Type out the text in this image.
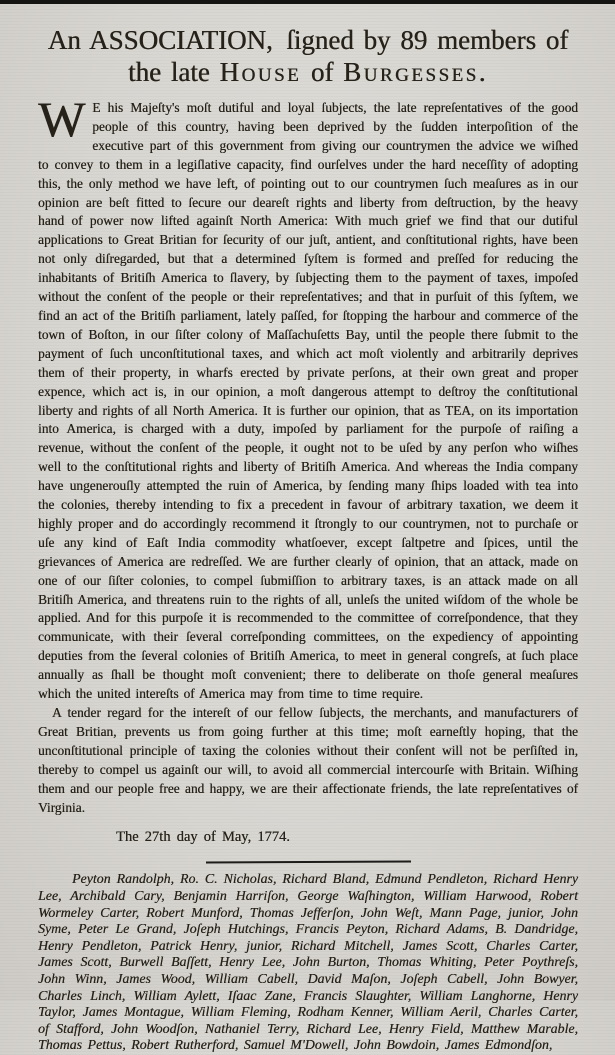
An ASSOCIATION, ſigned by 89 members of
the late House of Burgesses.

W E his Majeſty's moſt dutiful and loyal ſubjects, the late repreſentatives of the good people of this country, having been deprived by the ſudden interpoſition of the executive part of this government from giving our countrymen the advice we wiſhed to convey to them in a legiſlative capacity, find ourſelves under the hard neceſſity of adopting this, the only method we have left, of pointing out to our countrymen ſuch meaſures as in our opinion are beſt fitted to ſecure our deareſt rights and liberty from deſtruction, by the heavy hand of power now lifted againſt North America: With much grief we find that our dutiful applications to Great Britian for ſecurity of our juſt, antient, and conſtitutional rights, have been not only diſregarded, but that a determined ſyſtem is formed and preſſed for reducing the inhabitants of Britiſh America to ſlavery, by ſubjecting them to the payment of taxes, impoſed without the conſent of the people or their repreſentatives; and that in purſuit of this ſyſtem, we find an act of the Britiſh parliament, lately paſſed, for ſtopping the harbour and commerce of the town of Boſton, in our ſiſter colony of Maſſachuſetts Bay, until the people there ſubmit to the payment of ſuch unconſtitutional taxes, and which act moſt violently and arbitrarily deprives them of their property, in wharfs erected by private perſons, at their own great and proper expence, which act is, in our opinion, a moſt dangerous attempt to deſtroy the conſtitutional liberty and rights of all North America. It is further our opinion, that as TEA, on its importation into America, is charged with a duty, impoſed by parliament for the purpoſe of raiſing a revenue, without the conſent of the people, it ought not to be uſed by any perſon who wiſhes well to the conſtitutional rights and liberty of Britiſh America. And whereas the India company have ungenerouſly attempted the ruin of America, by ſending many ſhips loaded with tea into the colonies, thereby intending to fix a precedent in favour of arbitrary taxation, we deem it highly proper and do accordingly recommend it ſtrongly to our countrymen, not to purchaſe or uſe any kind of Eaſt India commodity whatſoever, except ſaltpetre and ſpices, until the grievances of America are redreſſed. We are further clearly of opinion, that an attack, made on one of our ſiſter colonies, to compel ſubmiſſion to arbitrary taxes, is an attack made on all Britiſh America, and threatens ruin to the rights of all, unleſs the united wiſdom of the whole be applied. And for this purpoſe it is recommended to the committee of correſpondence, that they communicate, with their ſeveral correſponding committees, on the expediency of appointing deputies from the ſeveral colonies of Britiſh America, to meet in general congreſs, at ſuch place annually as ſhall be thought moſt convenient; there to deliberate on thoſe general meaſures which the united intereſts of America may from time to time require.

A tender regard for the intereſt of our fellow ſubjects, the merchants, and manufacturers of Great Britian, prevents us from going further at this time; moſt earneſtly hoping, that the unconſtitutional principle of taxing the colonies without their conſent will not be perſiſted in, thereby to compel us againſt our will, to avoid all commercial intercourſe with Britain. Wiſhing them and our people free and happy, we are their affectionate friends, the late repreſentatives of Virginia.

The 27th day of May, 1774.

Peyton Randolph, Ro. C. Nicholas, Richard Bland, Edmund Pendleton, Richard Henry Lee, Archibald Cary, Benjamin Harriſon, George Waſhington, William Harwood, Robert Wormeley Carter, Robert Munford, Thomas Jefferſon, John Weſt, Mann Page, junior, John Syme, Peter Le Grand, Joſeph Hutchings, Francis Peyton, Richard Adams, B. Dandridge, Henry Pendleton, Patrick Henry, junior, Richard Mitchell, James Scott, Charles Carter, James Scott, Burwell Baſſett, Henry Lee, John Burton, Thomas Whiting, Peter Poythreſs, John Winn, James Wood, William Cabell, David Maſon, Joſeph Cabell, John Bowyer, Charles Linch, William Aylett, Iſaac Zane, Francis Slaughter, William Langhorne, Henry Taylor, James Montague, William Fleming, Rodham Kenner, William Aeril, Charles Carter, of Stafford, John Woodſon, Nathaniel Terry, Richard Lee, Henry Field, Matthew Marable, Thomas Pettus, Robert Rutherford, Samuel M'Dowell, John Bowdoin, James Edmondſon,
